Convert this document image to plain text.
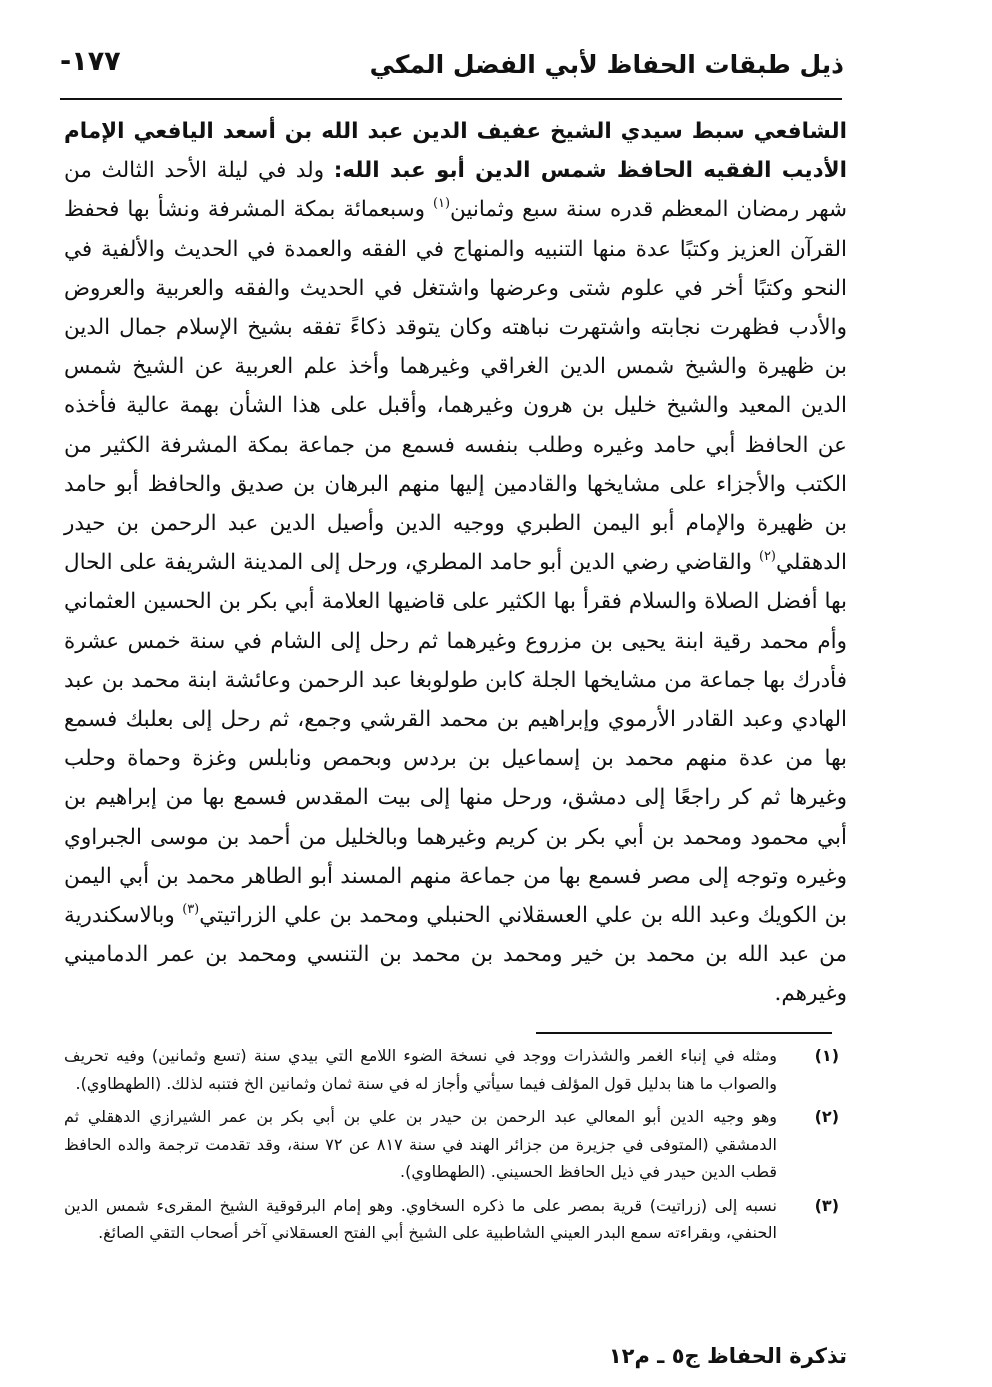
ذيل طبقات الحفاظ لأبي الفضل المكي
-١٧٧
الشافعي سبط سيدي الشيخ عفيف الدين عبد الله بن أسعد اليافعي الإمام الأديب الفقيه الحافظ شمس الدين أبو عبد الله: ولد في ليلة الأحد الثالث من شهر رمضان المعظم قدره سنة سبع وثمانين$^{(١)}$ وسبعمائة بمكة المشرفة ونشأ بها فحفظ القرآن العزيز وكتبًا عدة منها التنبيه والمنهاج في الفقه والعمدة في الحديث والألفية في النحو وكتبًا أخر في علوم شتى وعرضها واشتغل في الحديث والفقه والعربية والعروض والأدب فظهرت نجابته واشتهرت نباهته وكان يتوقد ذكاءً تفقه بشيخ الإسلام جمال الدين بن ظهيرة والشيخ شمس الدين الغراقي وغيرهما وأخذ علم العربية عن الشيخ شمس الدين المعيد والشيخ خليل بن هرون وغيرهما، وأقبل على هذا الشأن بهمة عالية فأخذه عن الحافظ أبي حامد وغيره وطلب بنفسه فسمع من جماعة بمكة المشرفة الكثير من الكتب والأجزاء على مشايخها والقادمين إليها منهم البرهان بن صديق والحافظ أبو حامد بن ظهيرة والإمام أبو اليمن الطبري ووجيه الدين وأصيل الدين عبد الرحمن بن حيدر الدهقلي$^{(٢)}$ والقاضي رضي الدين أبو حامد المطري، ورحل إلى المدينة الشريفة على الحال بها أفضل الصلاة والسلام فقرأ بها الكثير على قاضيها العلامة أبي بكر بن الحسين العثماني وأم محمد رقية ابنة يحيى بن مزروع وغيرهما ثم رحل إلى الشام في سنة خمس عشرة فأدرك بها جماعة من مشايخها الجلة كابن طولوبغا عبد الرحمن وعائشة ابنة محمد بن عبد الهادي وعبد القادر الأرموي وإبراهيم بن محمد القرشي وجمع، ثم رحل إلى بعلبك فسمع بها من عدة منهم محمد بن إسماعيل بن بردس وبحمص ونابلس وغزة وحماة وحلب وغيرها ثم كر راجعًا إلى دمشق، ورحل منها إلى بيت المقدس فسمع بها من إبراهيم بن أبي محمود ومحمد بن أبي بكر بن كريم وغيرهما وبالخليل من أحمد بن موسى الجبراوي وغيره وتوجه إلى مصر فسمع بها من جماعة منهم المسند أبو الطاهر محمد بن أبي اليمن بن الكويك وعبد الله بن علي العسقلاني الحنبلي ومحمد بن علي الزراتيتي$^{(٣)}$ وبالاسكندرية من عبد الله بن محمد بن خير ومحمد بن محمد بن التنسي ومحمد بن عمر الدماميني وغيرهم.
(١)
ومثله في إنباء الغمر والشذرات ووجد في نسخة الضوء اللامع التي بيدي سنة (تسع وثمانين) وفيه تحريف والصواب ما هنا بدليل قول المؤلف فيما سيأتي وأجاز له في سنة ثمان وثمانين الخ فتنبه لذلك. (الطهطاوي).
(٢)
وهو وجيه الدين أبو المعالي عبد الرحمن بن حيدر بن علي بن أبي بكر بن عمر الشيرازي الدهقلي ثم الدمشقي (المتوفى في جزيرة من جزائر الهند في سنة ٨١٧ عن ٧٢ سنة، وقد تقدمت ترجمة والده الحافظ قطب الدين حيدر في ذيل الحافظ الحسيني. (الطهطاوي).
(٣)
نسبه إلى (زراتيت) قرية بمصر على ما ذكره السخاوي. وهو إمام البرقوقية الشيخ المقرىء شمس الدين الحنفي، وبقراءته سمع البدر العيني الشاطبية على الشيخ أبي الفتح العسقلاني آخر أصحاب التقي الصائغ.
تذكرة الحفاظ ج٥ ـ م١٢
